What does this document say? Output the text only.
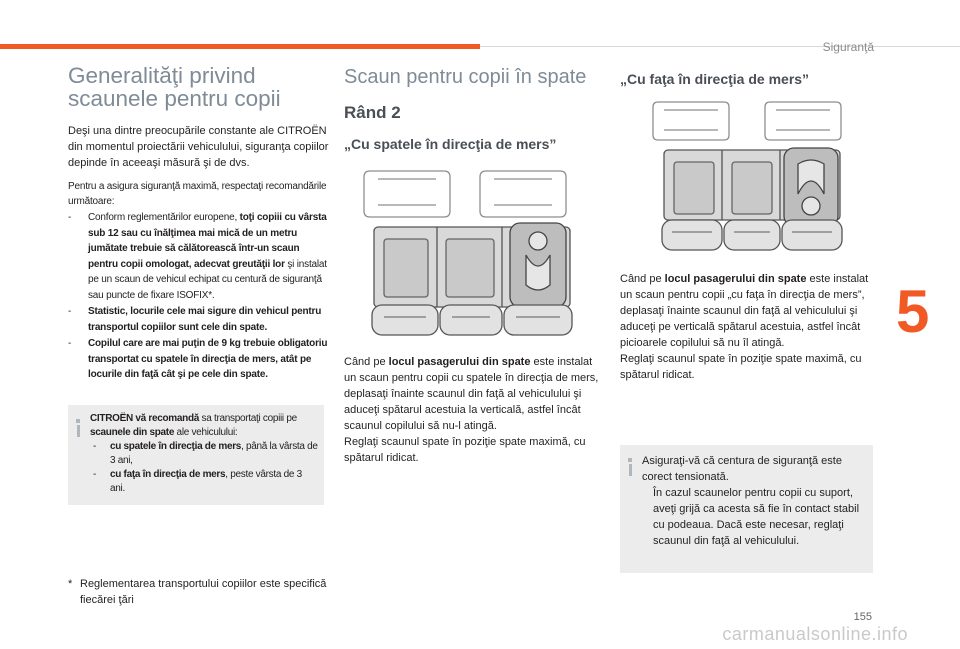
Siguranţă
5
Generalităţi privind
scaunele pentru copii

Deşi una dintre preocupările constante ale CITROËN din momentul proiectării vehiculului, siguranţa copiilor depinde în aceeaşi măsură şi de dvs.

Pentru a asigura siguranţă maximă, respectaţi recomandările următoare:

- Conform reglementărilor europene, toţi copiii cu vârsta sub 12 sau cu înălţimea mai mică de un metru jumătate trebuie să călătorească într-un scaun pentru copii omologat, adecvat greutăţii lor şi instalat pe un scaun de vehicul echipat cu centură de siguranţă sau puncte de fixare ISOFIX*.
- Statistic, locurile cele mai sigure din vehicul pentru transportul copiilor sunt cele din spate.
- Copilul care are mai puţin de 9 kg trebuie obligatoriu transportat cu spatele în direcţia de mers, atât pe locurile din faţă cât şi pe cele din spate.
CITROËN vă recomandă sa transportaţi copiii pe scaunele din spate ale vehiculului:
- cu spatele în direcţia de mers, până la vârsta de 3 ani,
- cu faţa în direcţia de mers, peste vârsta de 3 ani.
* Reglementarea transportului copiilor este specifică fiecărei ţări
Scaun pentru copii în spate
Rând 2
„Cu spatele în direcţia de mers”

Când pe locul pasagerului din spate este instalat un scaun pentru copii cu spatele în direcţia de mers, deplasaţi înainte scaunul din faţă al vehiculului şi aduceţi spătarul acestuia la verticală, astfel încât scaunul copilului să nu-l atingă.

Reglaţi scaunul spate în poziţie spate maximă, cu spătarul ridicat.

„Cu faţa în direcţia de mers”

Când pe locul pasagerului din spate este instalat un scaun pentru copii „cu faţa în direcţia de mers”, deplasaţi înainte scaunul din faţă al vehiculului şi aduceţi pe verticală spătarul acestuia, astfel încât picioarele copilului să nu îl atingă.

Reglaţi scaunul spate în poziţie spate maximă, cu spătarul ridicat.

Asiguraţi-vă că centura de siguranţă este corect tensionată.

În cazul scaunelor pentru copii cu suport, aveţi grijă ca acesta să fie în contact stabil cu podeaua. Dacă este necesar, reglaţi scaunul din faţă al vehiculului.

155
carmanualsonline.info
